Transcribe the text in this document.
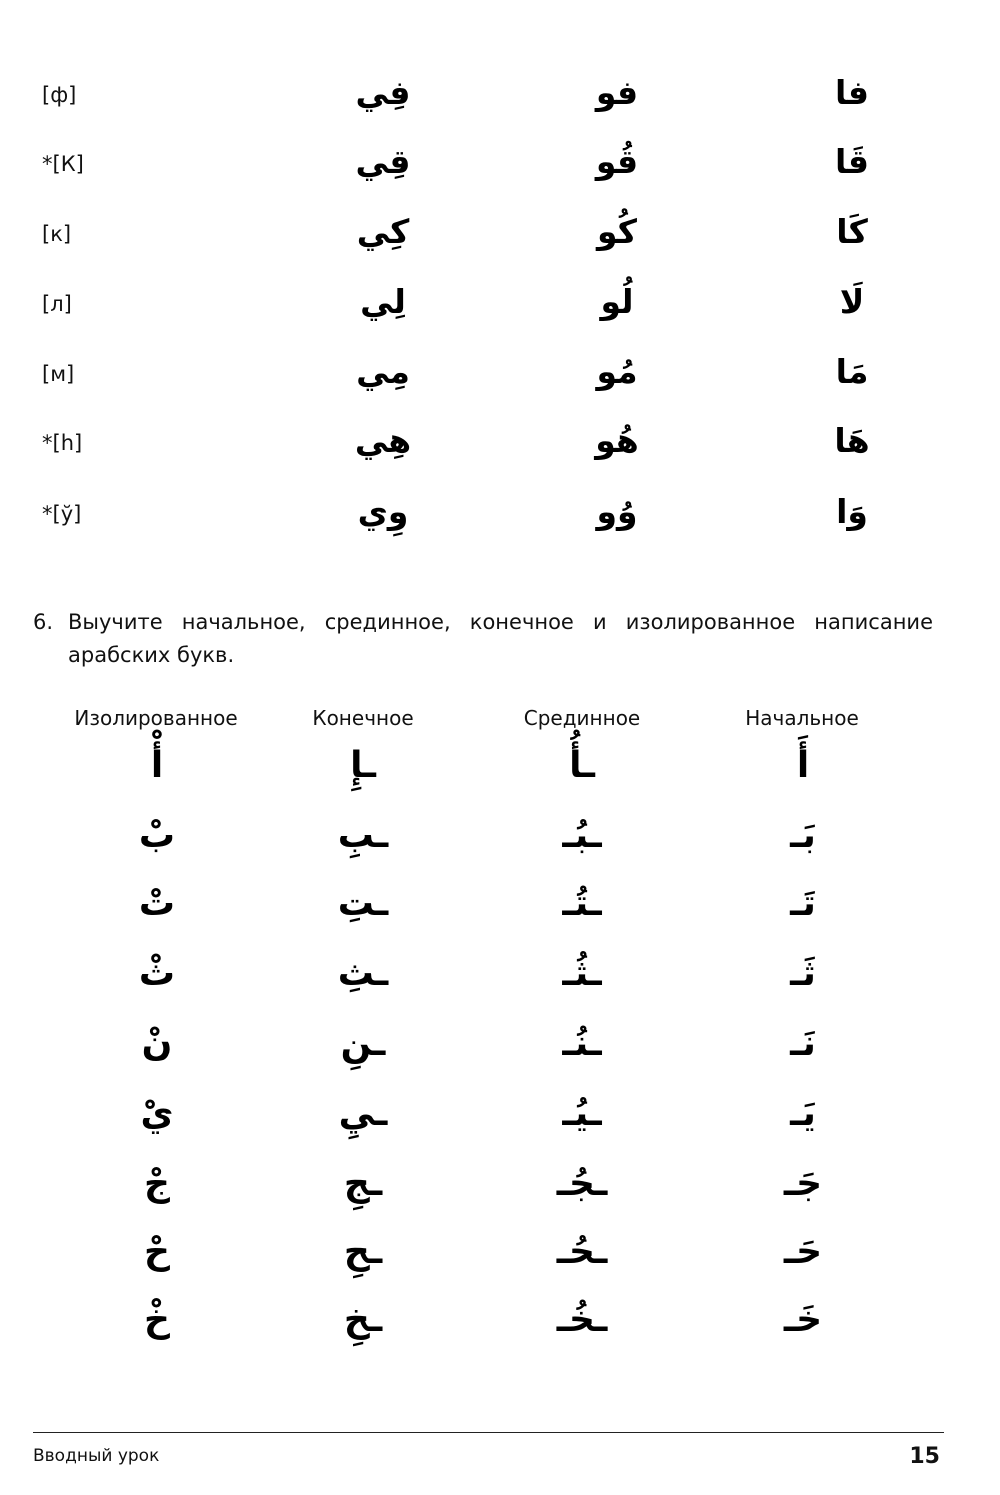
[ф]	فِي	فو	فا
*[К]	قِي	قُو	قَا
[к]	كِي	كُو	كَا
[л]	لِي	لُو	لَا
[м]	مِي	مُو	مَا
*[h]	هِي	هُو	هَا
*[ў]	وِي	وُو	وَا
6. Выучите начальное, срединное, конечное и изолированное написание арабских букв.
Изолированное	Конечное	Срединное	Начальное
أْ	ـإِ	ـأُ	أَ
بْ	ـبِ	ـبُـ	بَـ
تْ	ـتِ	ـتُـ	تَـ
ثْ	ـثِ	ـثُـ	ثَـ
نْ	ـنِ	ـنُـ	نَـ
يْ	ـيِ	ـيُـ	يَـ
جْ	ـجِ	ـجُـ	جَـ
حْ	ـحِ	ـحُـ	حَـ
خْ	ـخِ	ـخُـ	خَـ
Вводный урок	15
